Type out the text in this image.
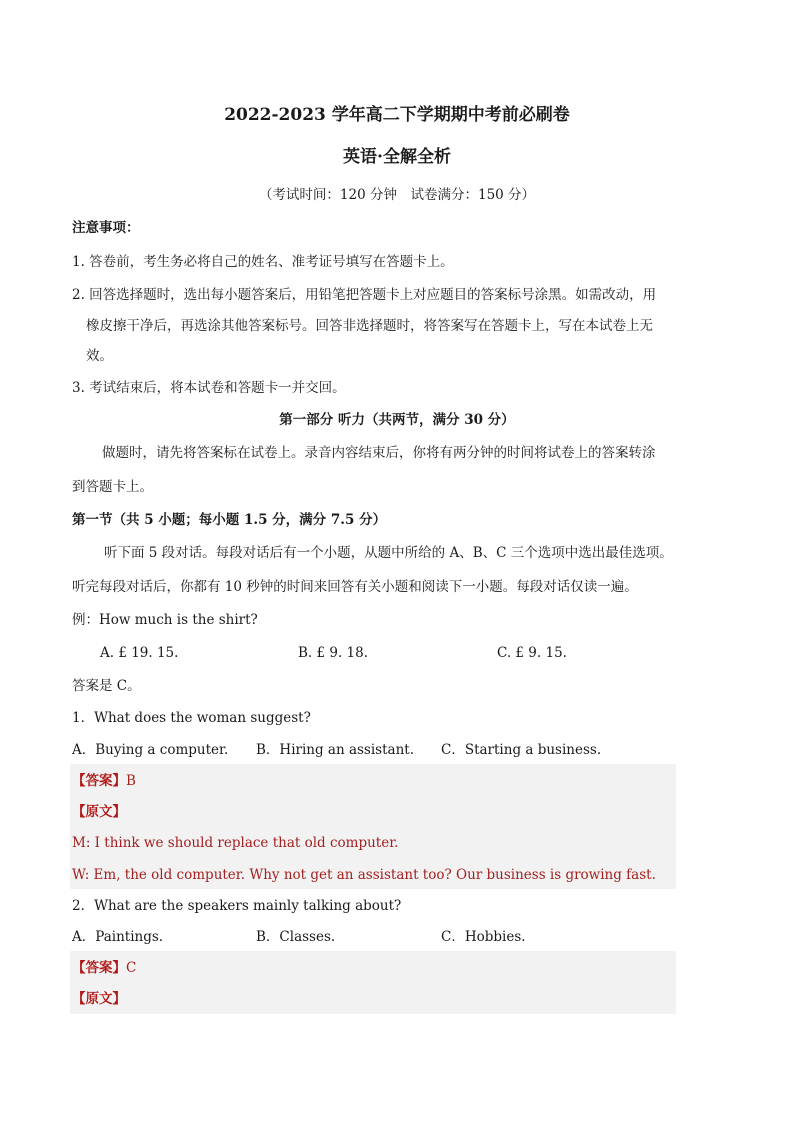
2022-2023 学年高二下学期期中考前必刷卷
英语·全解全析
（考试时间：120 分钟　试卷满分：150 分）
注意事项：
1. 答卷前，考生务必将自己的姓名、准考证号填写在答题卡上。
2. 回答选择题时，选出每小题答案后，用铅笔把答题卡上对应题目的答案标号涂黑。如需改动，用
橡皮擦干净后，再选涂其他答案标号。回答非选择题时，将答案写在答题卡上，写在本试卷上无
效。
3. 考试结束后，将本试卷和答题卡一并交回。
第一部分 听力（共两节，满分 30 分）
做题时，请先将答案标在试卷上。录音内容结束后，你将有两分钟的时间将试卷上的答案转涂
到答题卡上。
第一节（共 5 小题；每小题 1.5 分，满分 7.5 分）
听下面 5 段对话。每段对话后有一个小题，从题中所给的 A、B、C 三个选项中选出最佳选项。
听完每段对话后，你都有 10 秒钟的时间来回答有关小题和阅读下一小题。每段对话仅读一遍。
例：How much is the shirt?
A. £ 19. 15.	B. £ 9. 18.	C. £ 9. 15.
答案是 C。
1．What does the woman suggest?
A．Buying a computer. B．Hiring an assistant. C．Starting a business.
【答案】B
【原文】
M: I think we should replace that old computer.
W: Em, the old computer. Why not get an assistant too? Our business is growing fast.
2．What are the speakers mainly talking about?
A．Paintings.	B．Classes.	C．Hobbies.
【答案】C
【原文】
